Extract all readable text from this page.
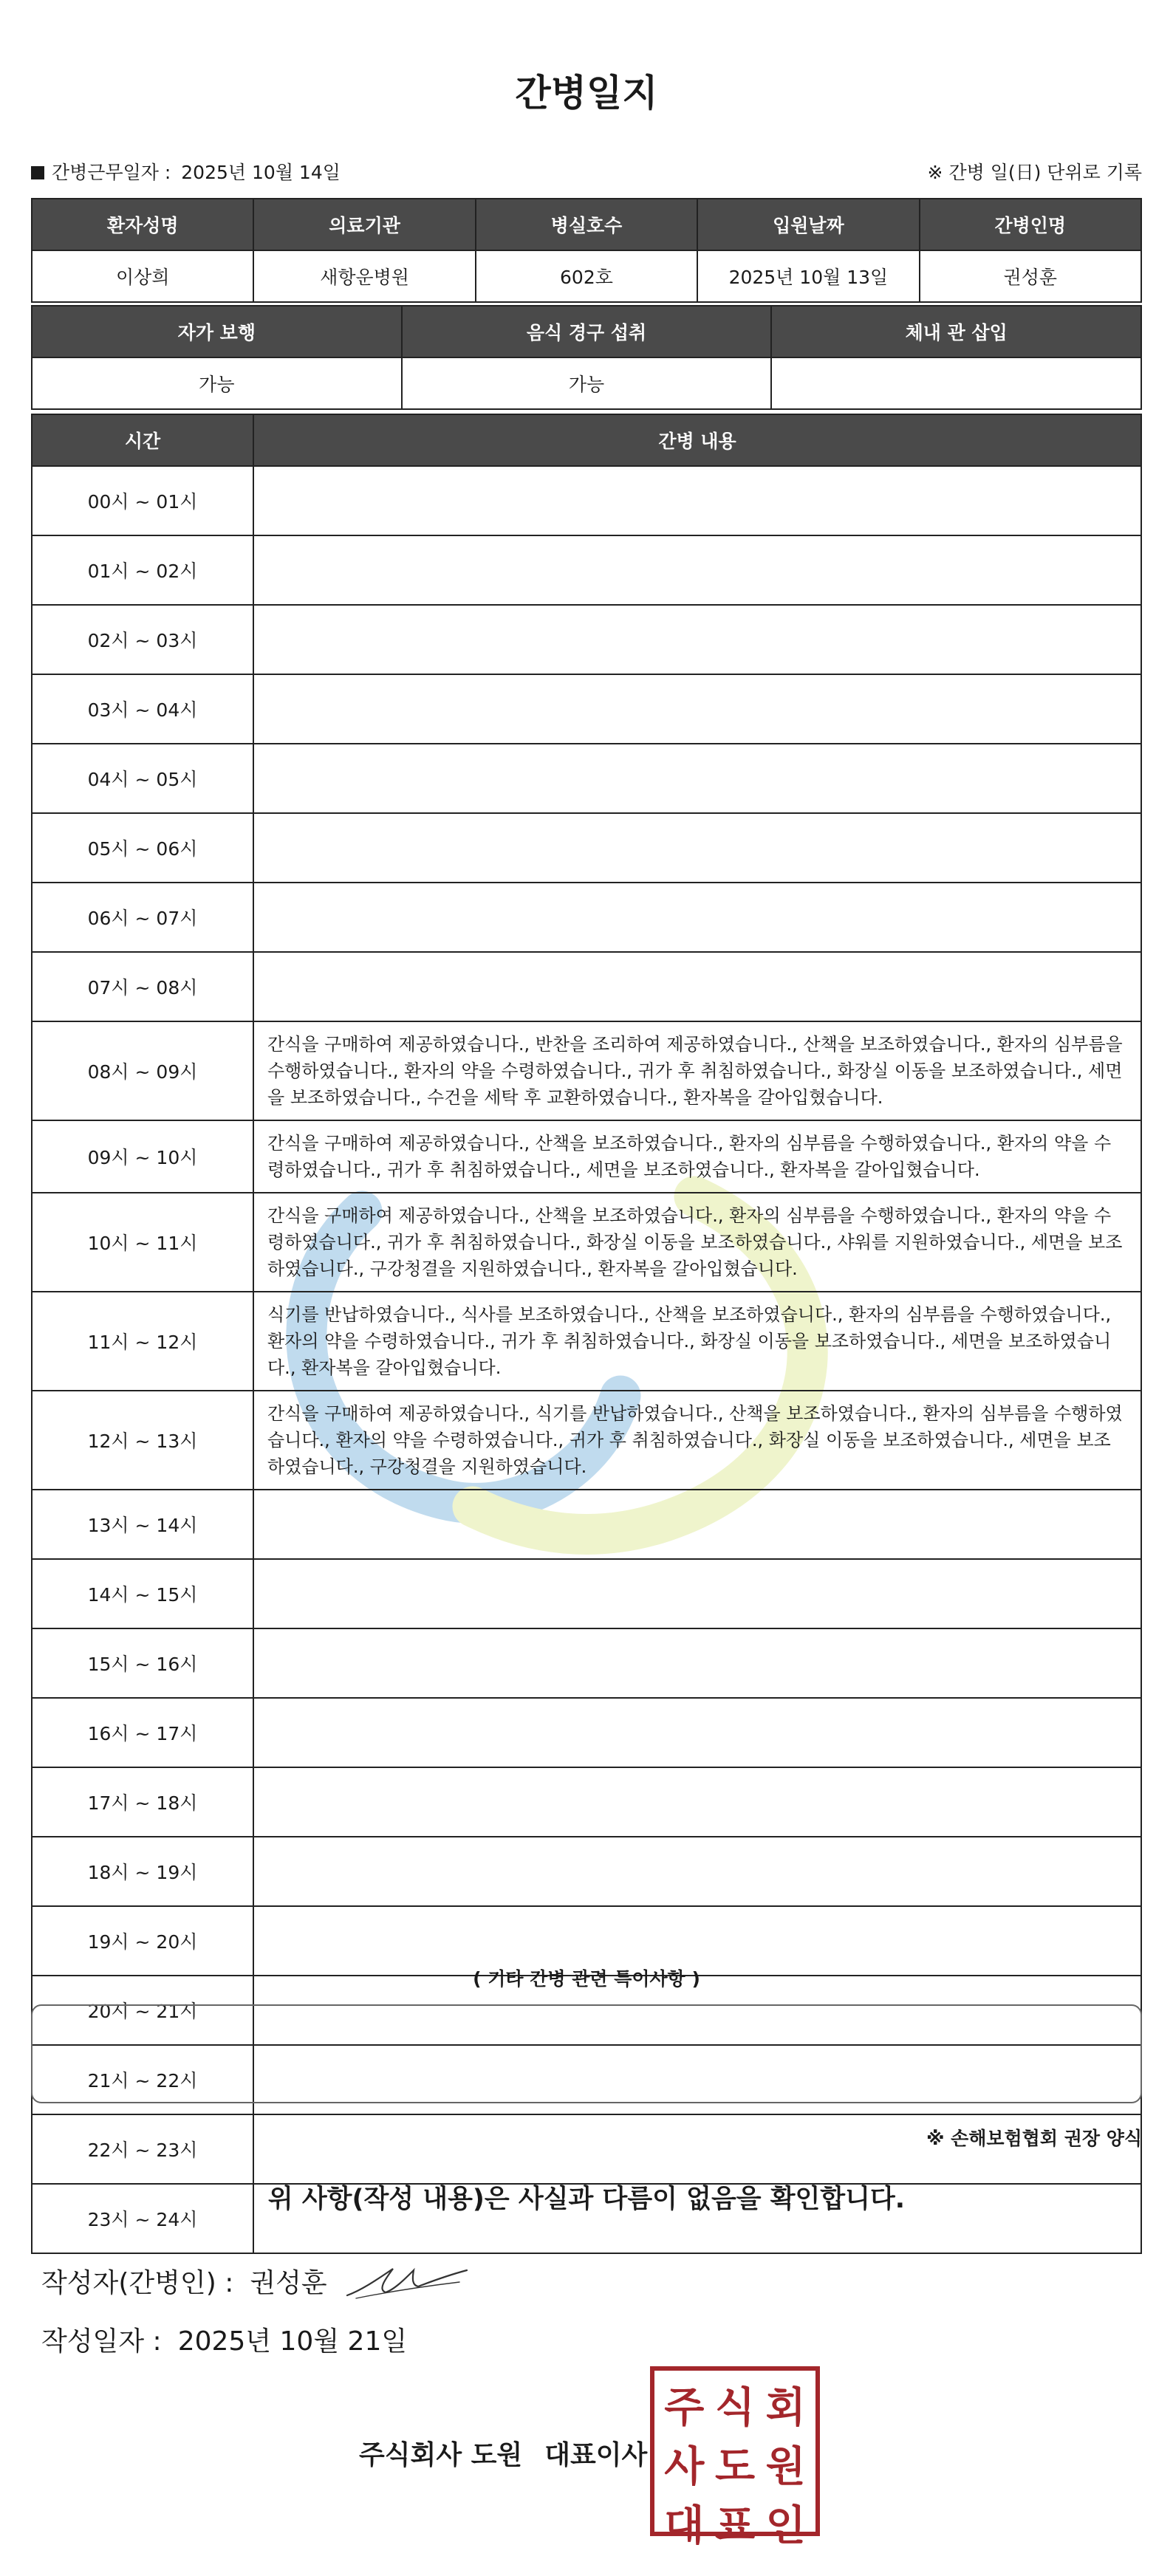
간병일지
간병근무일자 : 2025년 10월 14일	※ 간병 일(日) 단위로 기록
환자성명	의료기관	병실호수	입원날짜	간병인명
이상희	새항운병원	602호	2025년 10월 13일	권성훈
자가 보행	음식 경구 섭취	체내 관 삽입
가능	가능	
시간	간병 내용
00시 ~ 01시	
01시 ~ 02시	
02시 ~ 03시	
03시 ~ 04시	
04시 ~ 05시	
05시 ~ 06시	
06시 ~ 07시	
07시 ~ 08시	
08시 ~ 09시	간식을 구매하여 제공하였습니다., 반찬을 조리하여 제공하였습니다., 산책을 보조하였습니다., 환자의 심부름을 수행하였습니다., 환자의 약을 수령하였습니다., 귀가 후 취침하였습니다., 화장실 이동을 보조하였습니다., 세면을 보조하였습니다., 수건을 세탁 후 교환하였습니다., 환자복을 갈아입혔습니다.
09시 ~ 10시	간식을 구매하여 제공하였습니다., 산책을 보조하였습니다., 환자의 심부름을 수행하였습니다., 환자의 약을 수령하였습니다., 귀가 후 취침하였습니다., 세면을 보조하였습니다., 환자복을 갈아입혔습니다.
10시 ~ 11시	간식을 구매하여 제공하였습니다., 산책을 보조하였습니다., 환자의 심부름을 수행하였습니다., 환자의 약을 수령하였습니다., 귀가 후 취침하였습니다., 화장실 이동을 보조하였습니다., 샤워를 지원하였습니다., 세면을 보조하였습니다., 구강청결을 지원하였습니다., 환자복을 갈아입혔습니다.
11시 ~ 12시	식기를 반납하였습니다., 식사를 보조하였습니다., 산책을 보조하였습니다., 환자의 심부름을 수행하였습니다., 환자의 약을 수령하였습니다., 귀가 후 취침하였습니다., 화장실 이동을 보조하였습니다., 세면을 보조하였습니다., 환자복을 갈아입혔습니다.
12시 ~ 13시	간식을 구매하여 제공하였습니다., 식기를 반납하였습니다., 산책을 보조하였습니다., 환자의 심부름을 수행하였습니다., 환자의 약을 수령하였습니다., 귀가 후 취침하였습니다., 화장실 이동을 보조하였습니다., 세면을 보조하였습니다., 구강청결을 지원하였습니다.
13시 ~ 14시	
14시 ~ 15시	
15시 ~ 16시	
16시 ~ 17시	
17시 ~ 18시	
18시 ~ 19시	
19시 ~ 20시	
20시 ~ 21시	
21시 ~ 22시	
22시 ~ 23시	
23시 ~ 24시	
( 기타 간병 관련 특이사항 )
※ 손해보험협회 권장 양식
위 사항(작성 내용)은 사실과 다름이 없음을 확인합니다.
작성자(간병인) : 권성훈
작성일자 : 2025년 10월 21일
주식회사 도원 대표이사
주 식 회
사 도 원
대 표 인
